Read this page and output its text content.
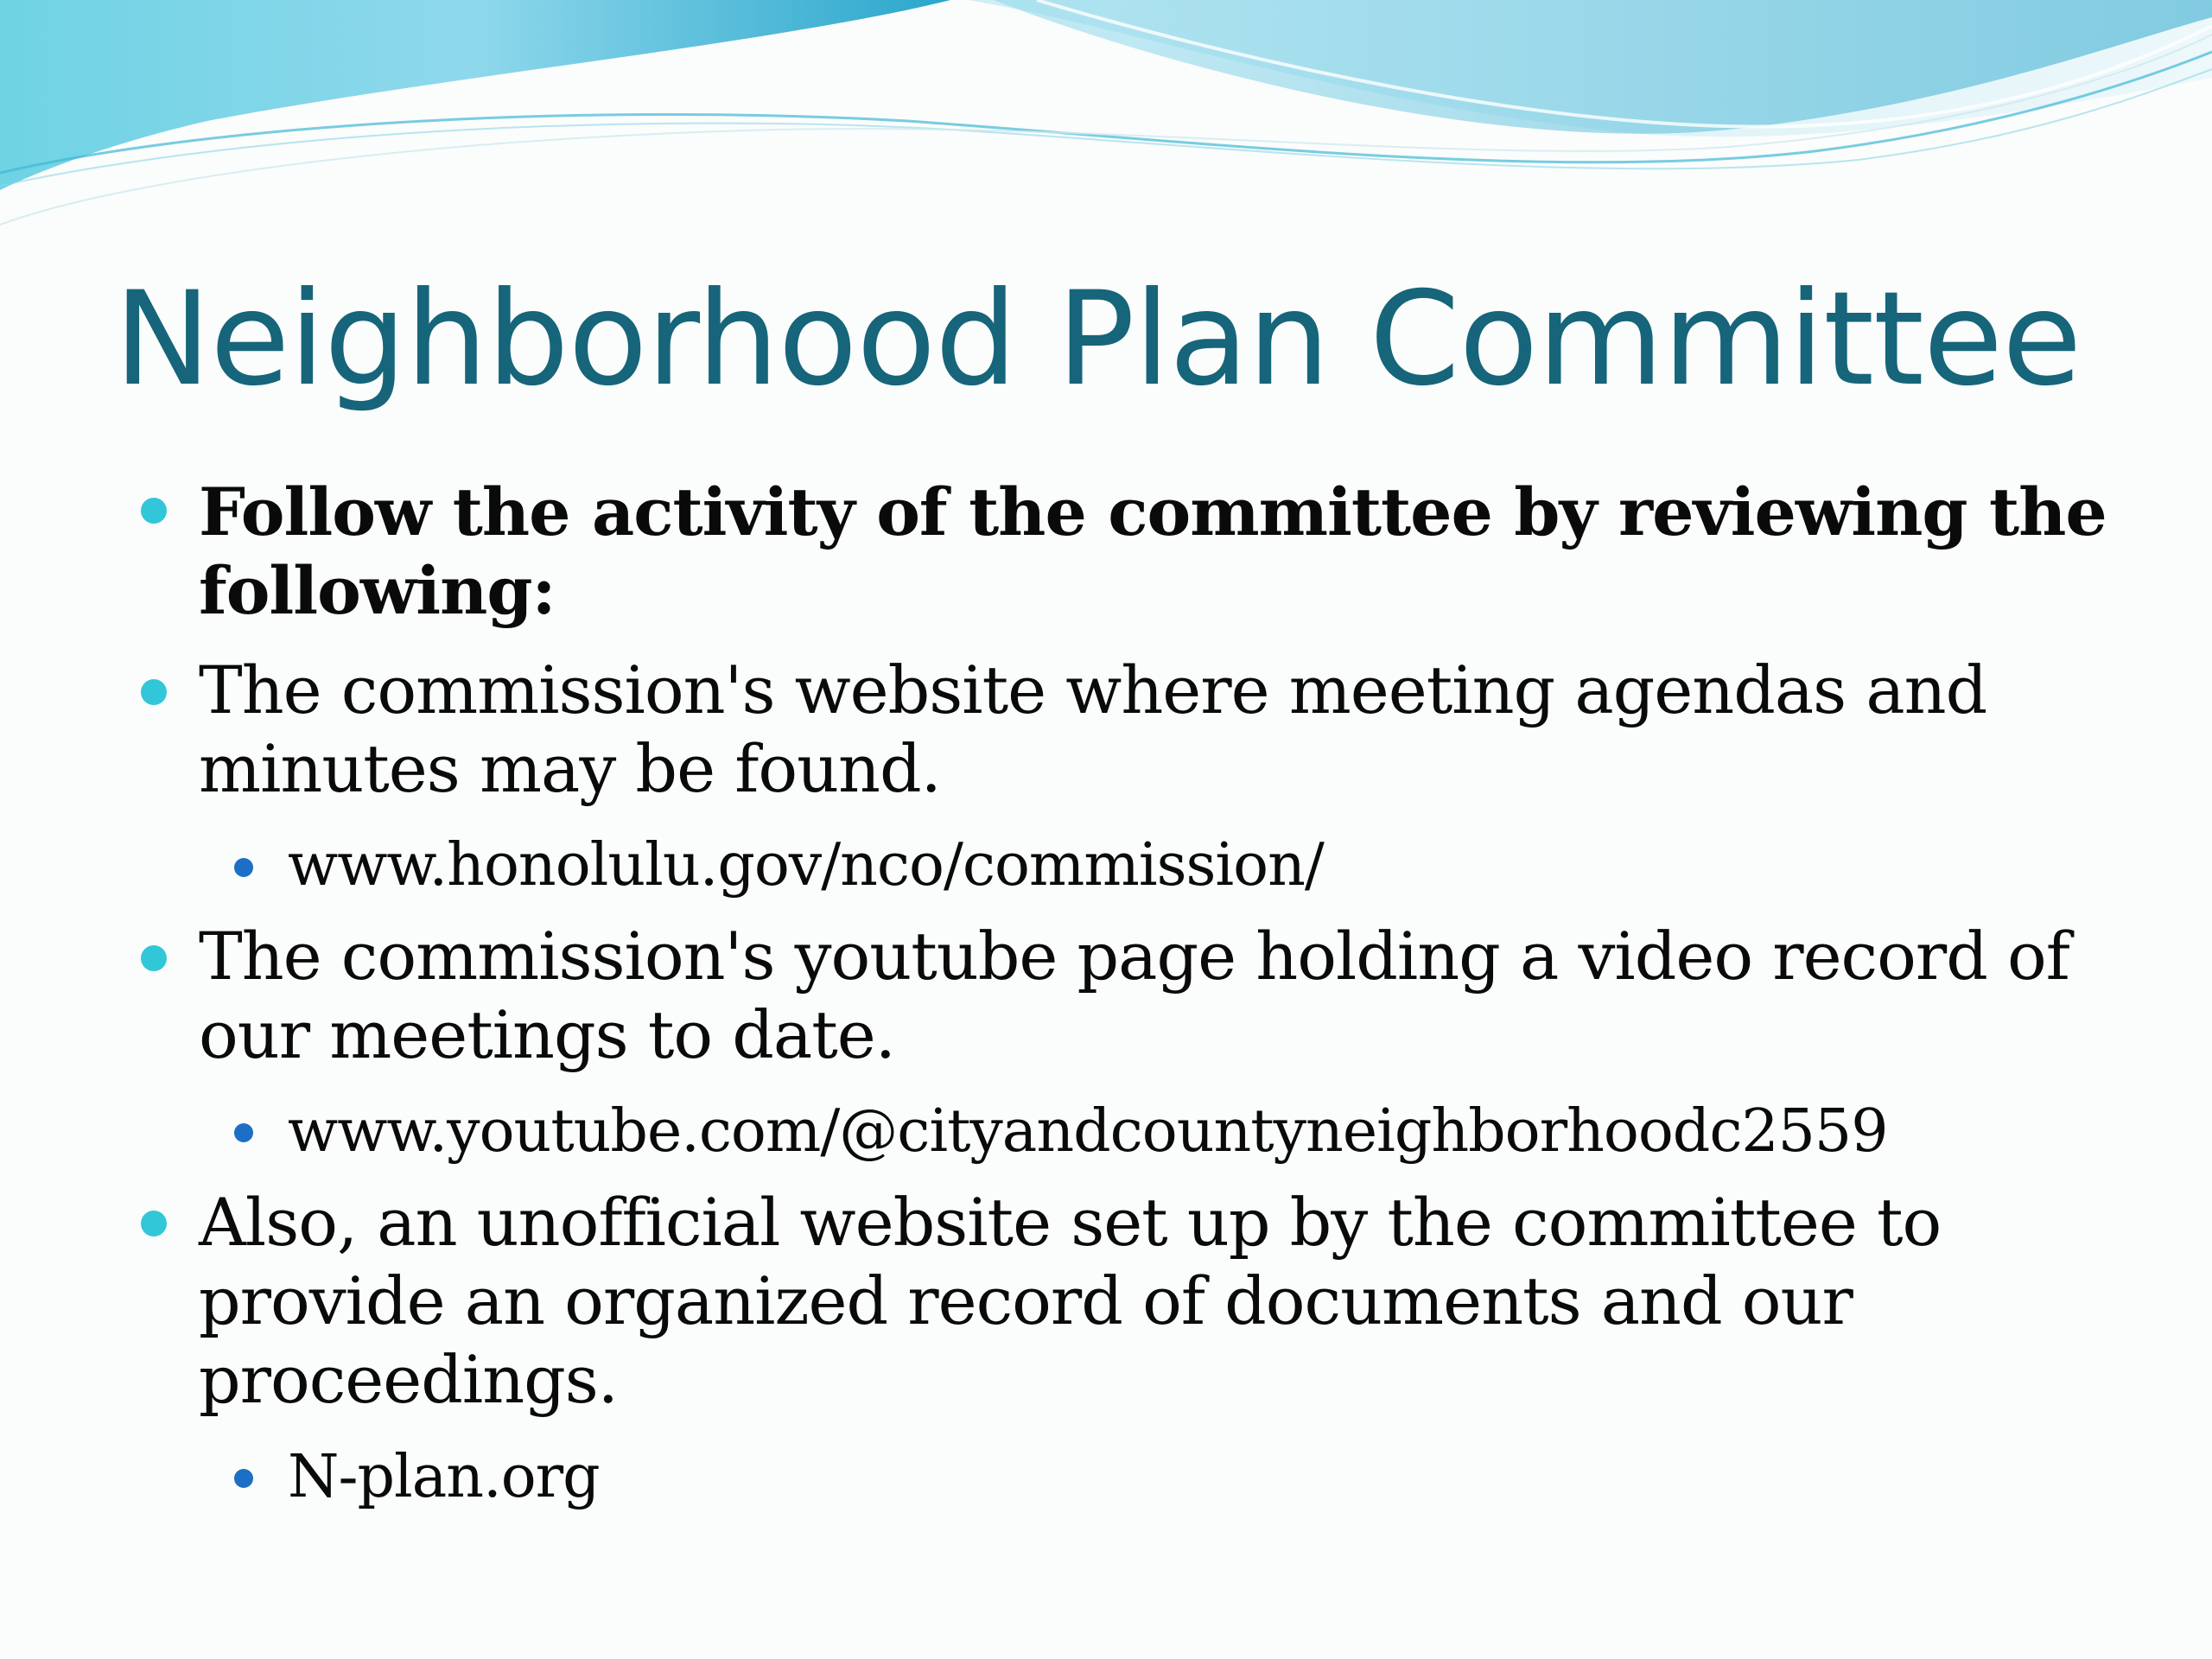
Neighborhood Plan Committee

Follow the activity of the committee by reviewing the

following:

The commission's website where meeting agendas and

minutes may be found.

www.honolulu.gov/nco/commission/

The commission's youtube page holding a video record of

our meetings to date.

www.youtube.com/@cityandcountyneighborhoodc2559

Also, an unofficial website set up by the committee to

provide an organized record of documents and our

proceedings.

N-plan.org
